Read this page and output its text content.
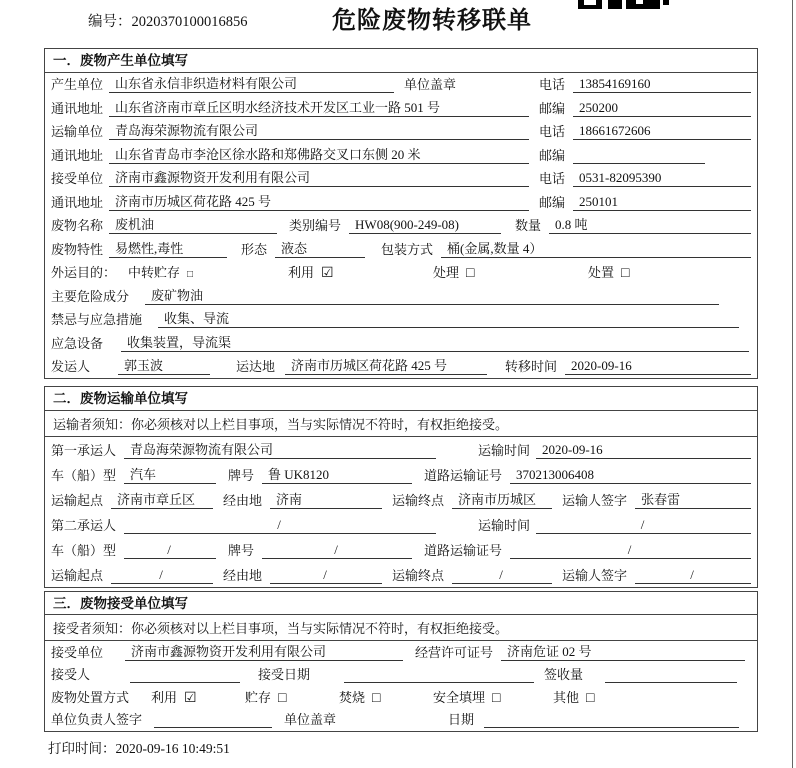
编号：2020370100016856	危险废物转移联单
一．废物产生单位填写
产生单位 山东省永信非织造材料有限公司	单位盖章	电话	13854169160
通讯地址 山东省济南市章丘区明水经济技术开发区工业一路 501 号	邮编	250200
运输单位 青岛海荣源物流有限公司	电话	18661672606
通讯地址 山东省青岛市李沧区徐水路和郑佛路交叉口东侧 20 米	邮编
接受单位 济南市鑫源物资开发利用有限公司	电话	0531-82095390
通讯地址 济南市历城区荷花路 425 号	邮编	250101
废物名称 废机油	类别编号	HW08(900-249-08)	数量	0.8 吨
废物特性 易燃性,毒性	形态	液态	包装方式	桶(金属,数量 4）
外运目的： 中转贮存 □	利用 ☑	处理 □	处置 □
主要危险成分	废矿物油
禁忌与应急措施	收集、导流
应急设备	收集装置，导流渠
发运人	郭玉波	运达地	济南市历城区荷花路 425 号	转移时间	2020-09-16
二．废物运输单位填写
运输者须知：你必须核对以上栏目事项，当与实际情况不符时，有权拒绝接受。
第一承运人	青岛海荣源物流有限公司	运输时间 2020-09-16
车（船）型	汽车	牌号	鲁 UK8120	道路运输证号	370213006408
运输起点	济南市章丘区	经由地	济南	运输终点	济南市历城区	运输人签字	张春雷
第二承运人	/	运输时间	/
车（船）型	/	牌号	/	道路运输证号	/
运输起点	/	经由地	/	运输终点	/	运输人签字	/
三．废物接受单位填写
接受者须知：你必须核对以上栏目事项，当与实际情况不符时，有权拒绝接受。
接受单位	济南市鑫源物资开发利用有限公司	经营许可证号	济南危证 02 号
接受人	接受日期	签收量
废物处置方式 利用 ☑	贮存 □	焚烧 □	安全填埋 □	其他 □
单位负责人签字	单位盖章	日期
打印时间：2020-09-16 10:49:51
